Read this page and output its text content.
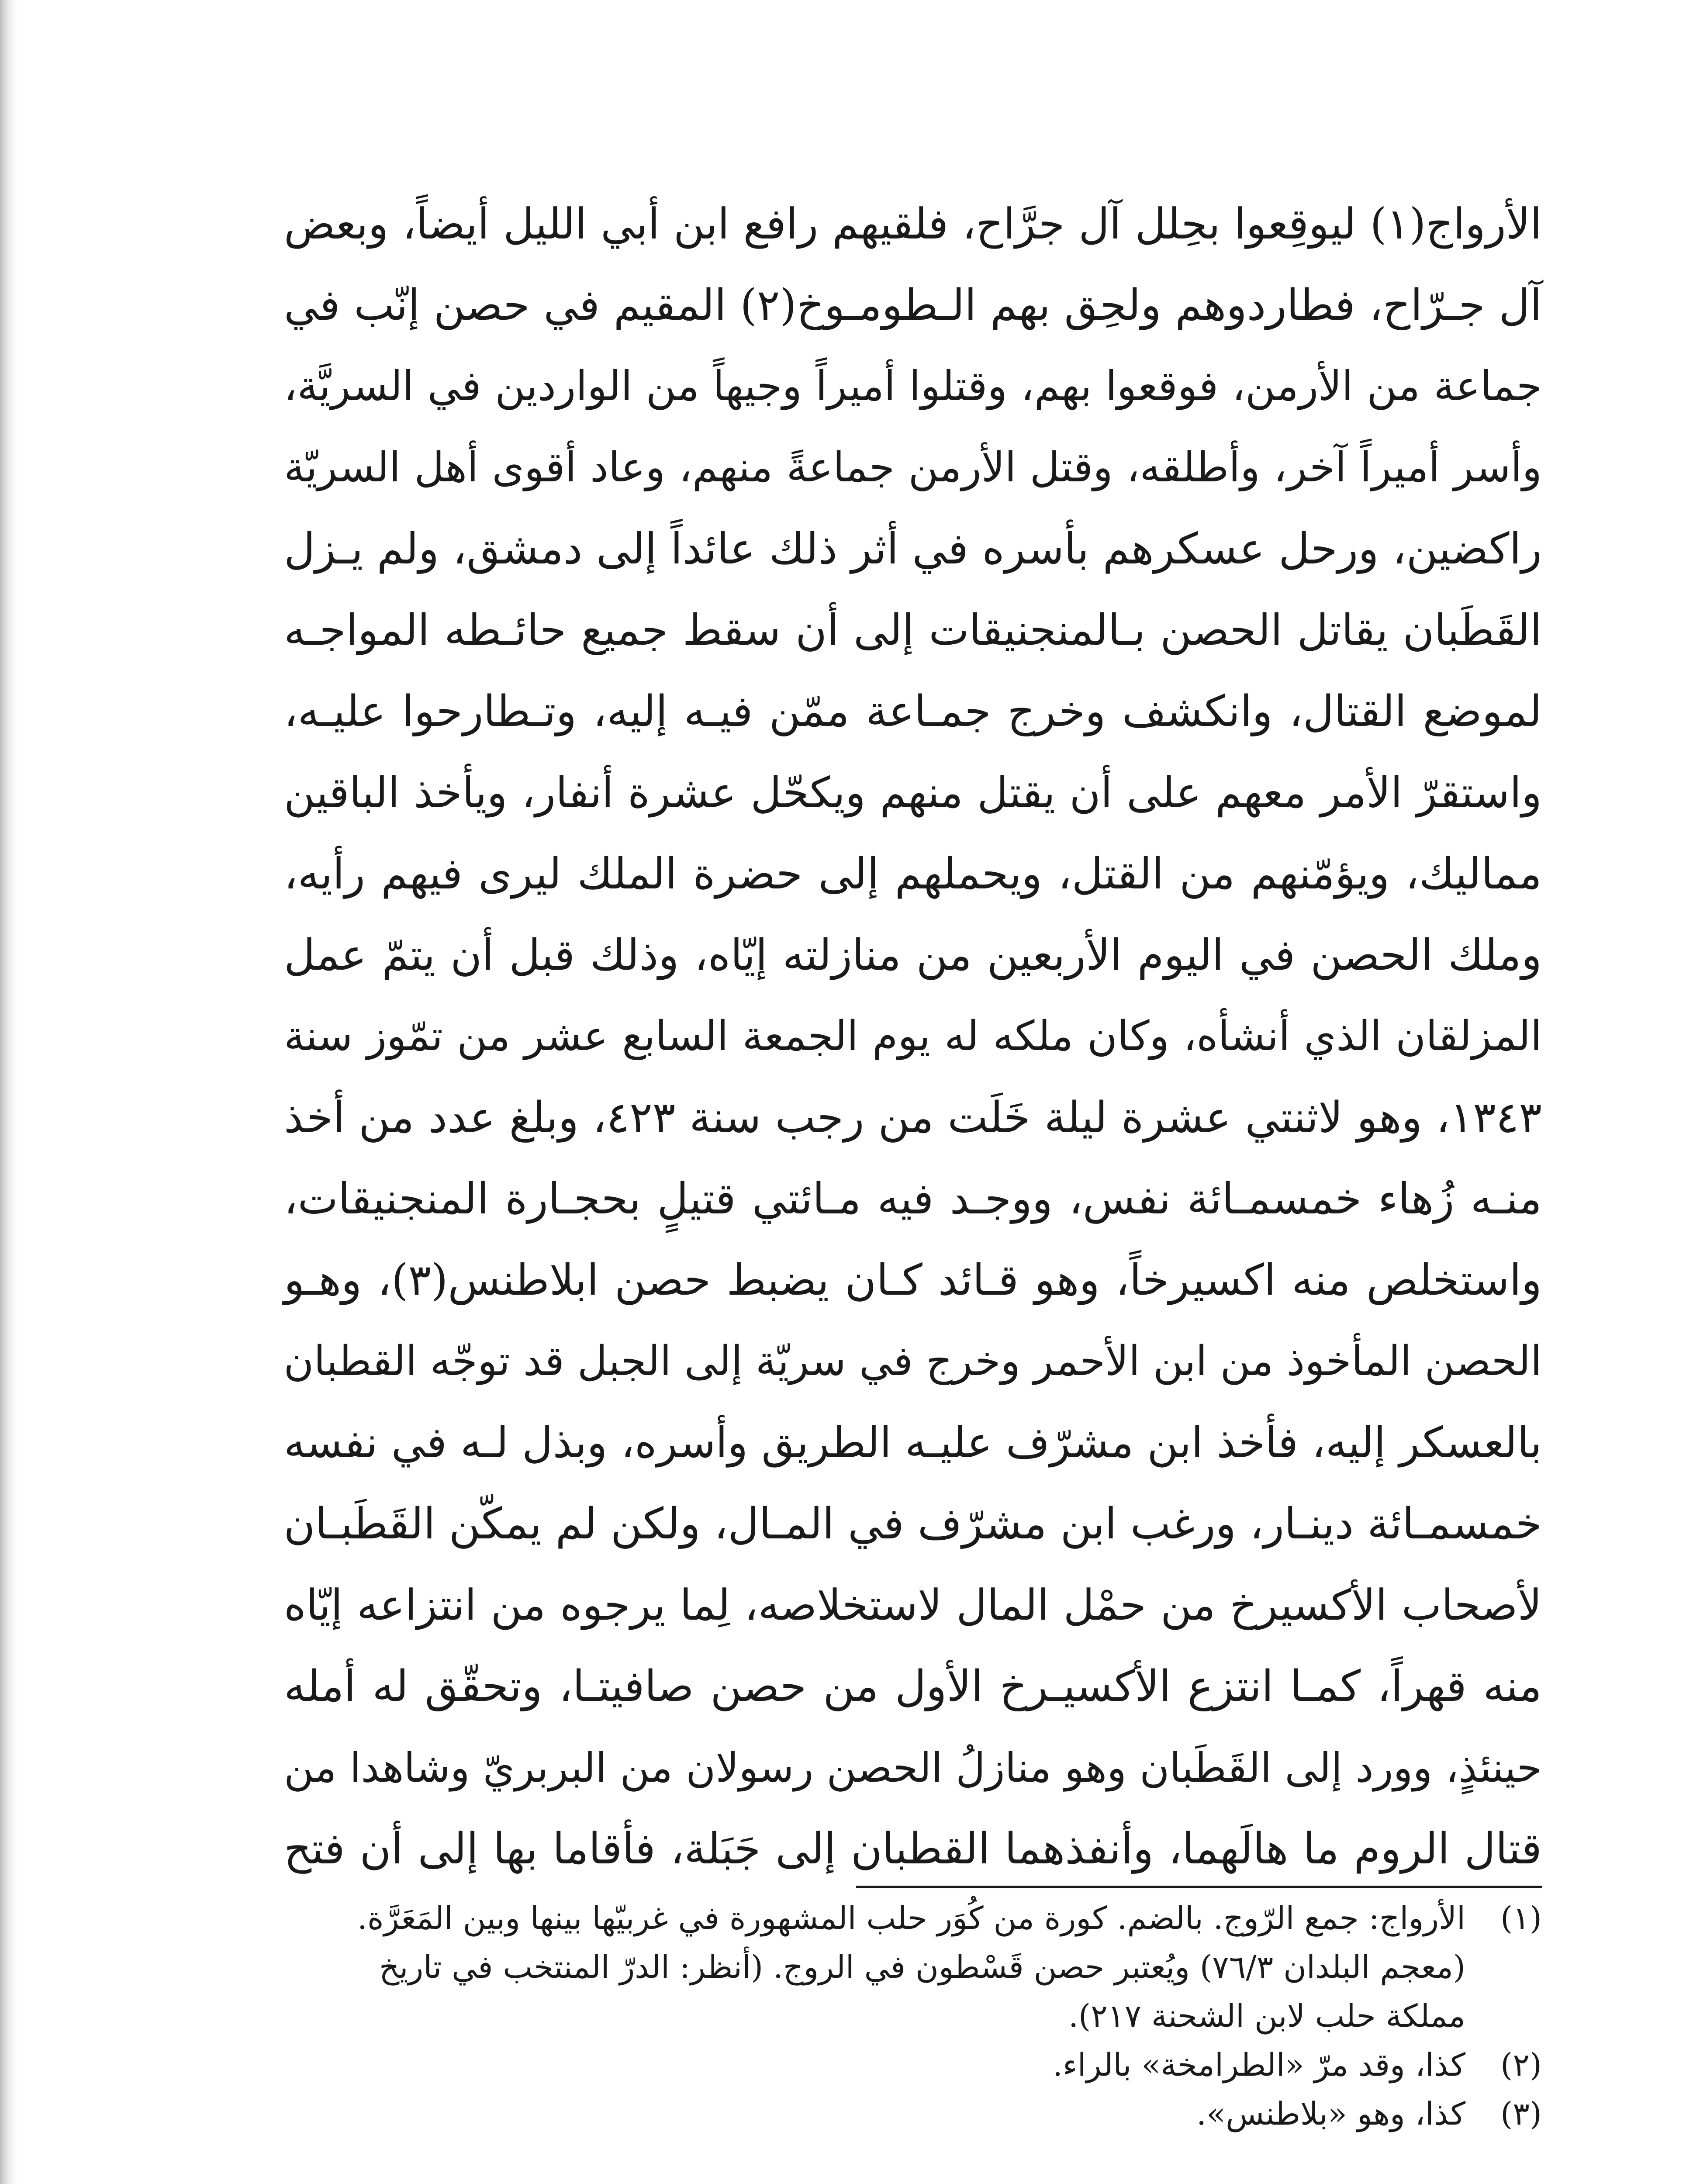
الأرواج(١) ليوقِعوا بحِلل آل جرَّاح، فلقيهم رافع ابن أبي الليل أيضاً، وبعض
آل جـرّاح، فطاردوهم ولحِق بهم الـطومـوخ(٢) المقيم في حصن إنّب في
جماعة من الأرمن، فوقعوا بهم، وقتلوا أميراً وجيهاً من الواردين في السريَّة،
وأسر أميراً آخر، وأطلقه، وقتل الأرمن جماعةً منهم، وعاد أقوى أهل السريّة
راكضين، ورحل عسكرهم بأسره في أثر ذلك عائداً إلى دمشق، ولم يـزل
القَطَبان يقاتل الحصن بـالمنجنيقات إلى أن سقط جميع حائـطه المواجـه
لموضع القتال، وانكشف وخرج جمـاعة ممّن فيـه إليه، وتـطارحوا عليـه،
واستقرّ الأمر معهم على أن يقتل منهم ويكحّل عشرة أنفار، ويأخذ الباقين
مماليك، ويؤمّنهم من القتل، ويحملهم إلى حضرة الملك ليرى فيهم رأيه،
وملك الحصن في اليوم الأربعين من منازلته إيّاه، وذلك قبل أن يتمّ عمل
المزلقان الذي أنشأه، وكان ملكه له يوم الجمعة السابع عشر من تمّوز سنة
١٣٤٣، وهو لاثنتي عشرة ليلة خَلَت من رجب سنة ٤٢٣، وبلغ عدد من أخذ
منـه زُهاء خمسمـائة نفس، ووجـد فيه مـائتي قتيلٍ بحجـارة المنجنيقات،
واستخلص منه اكسيرخاً، وهو قـائد كـان يضبط حصن ابلاطنس(٣)، وهـو
الحصن المأخوذ من ابن الأحمر وخرج في سريّة إلى الجبل قد توجّه القطبان
بالعسكر إليه، فأخذ ابن مشرّف عليـه الطريق وأسره، وبذل لـه في نفسه
خمسمـائة دينـار، ورغب ابن مشرّف في المـال، ولكن لم يمكّن القَطَبـان
لأصحاب الأكسيرخ من حمْل المال لاستخلاصه، لِما يرجوه من انتزاعه إيّاه
منه قهراً، كمـا انتزع الأكسيـرخ الأول من حصن صافيتـا، وتحقّق له أمله
حينئذٍ، وورد إلى القَطَبان وهو منازلُ الحصن رسولان من البربريّ وشاهدا من
قتال الروم ما هالَهما، وأنفذهما القطبان إلى جَبَلة، فأقاما بها إلى أن فتح
(١)
الأرواج: جمع الرّوج. بالضم. كورة من كُوَر حلب المشهورة في غربيّها بينها وبين المَعَرَّة.
(معجم البلدان ٧٦/٣) ويُعتبر حصن قَسْطون في الروج. (أنظر: الدرّ المنتخب في تاريخ
مملكة حلب لابن الشحنة ٢١٧).
(٢)
كذا، وقد مرّ «الطرامخة» بالراء.
(٣)
كذا، وهو «بلاطنس».
